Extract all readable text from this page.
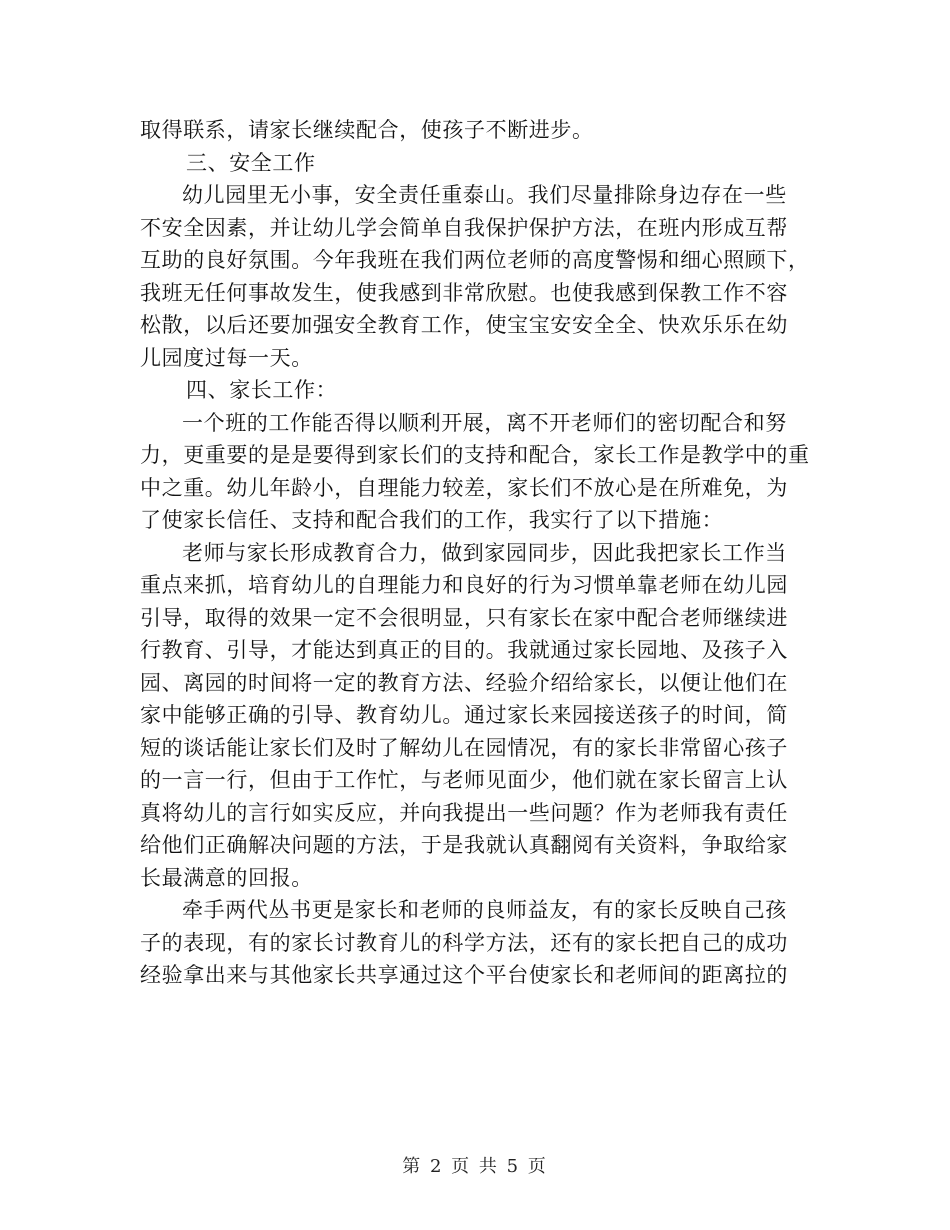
取得联系，请家长继续配合，使孩子不断进步。
三、安全工作
幼儿园里无小事，安全责任重泰山。我们尽量排除身边存在一些
不安全因素，并让幼儿学会简单自我保护保护方法，在班内形成互帮
互助的良好氛围。今年我班在我们两位老师的高度警惕和细心照顾下，
我班无任何事故发生，使我感到非常欣慰。也使我感到保教工作不容
松散，以后还要加强安全教育工作，使宝宝安安全全、快欢乐乐在幼
儿园度过每一天。
四、家长工作：
一个班的工作能否得以顺利开展，离不开老师们的密切配合和努
力，更重要的是是要得到家长们的支持和配合，家长工作是教学中的重
中之重。幼儿年龄小，自理能力较差，家长们不放心是在所难免，为
了使家长信任、支持和配合我们的工作，我实行了以下措施：
老师与家长形成教育合力，做到家园同步，因此我把家长工作当
重点来抓，培育幼儿的自理能力和良好的行为习惯单靠老师在幼儿园
引导，取得的效果一定不会很明显，只有家长在家中配合老师继续进
行教育、引导，才能达到真正的目的。我就通过家长园地、及孩子入
园、离园的时间将一定的教育方法、经验介绍给家长，以便让他们在
家中能够正确的引导、教育幼儿。通过家长来园接送孩子的时间，简
短的谈话能让家长们及时了解幼儿在园情况，有的家长非常留心孩子
的一言一行，但由于工作忙，与老师见面少，他们就在家长留言上认
真将幼儿的言行如实反应，并向我提出一些问题？作为老师我有责任
给他们正确解决问题的方法，于是我就认真翻阅有关资料，争取给家
长最满意的回报。
牵手两代丛书更是家长和老师的良师益友，有的家长反映自己孩
子的表现，有的家长讨教育儿的科学方法，还有的家长把自己的成功
经验拿出来与其他家长共享通过这个平台使家长和老师间的距离拉的
第 2 页 共 5 页
